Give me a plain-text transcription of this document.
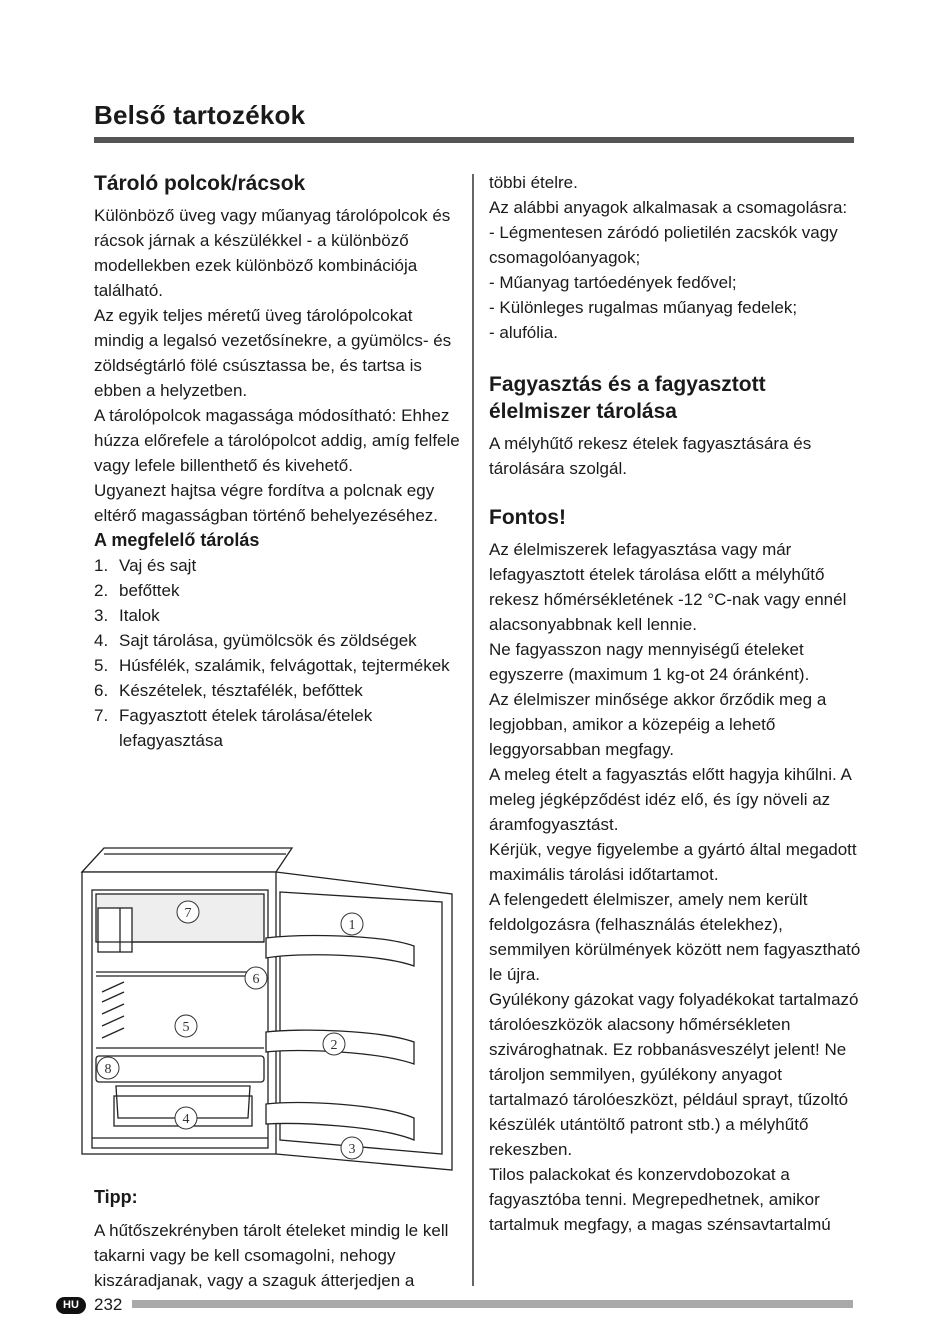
Belső tartozékok
Tároló polcok/rácsok

Különböző üveg vagy műanyag tárolópolcok és rácsok járnak a készülékkel - a különböző modellekben ezek különböző kombinációja található.

Az egyik teljes méretű üveg tárolópolcokat mindig a legalsó vezetősínekre, a gyümölcs- és zöldségtárló fölé csúsztassa be, és tartsa is ebben a helyzetben.

A tárolópolcok magassága módosítható: Ehhez húzza előrefele a tárolópolcot addig, amíg felfele vagy lefele billenthető és kivehető.

Ugyanezt hajtsa végre fordítva a polcnak egy eltérő magasságban történő behelyezéséhez.

A megfelelő tárolás
1. Vaj és sajt
2. befőttek
3. Italok
4. Sajt tárolása, gyümölcsök és zöldségek
5. Húsfélék, szalámik, felvágottak, tejtermékek
6. Készételek, tésztafélék, befőttek
7. Fagyasztott ételek tárolása/ételek lefagyasztása
1
2
3
4
5
6
7
8
Tipp:

A hűtőszekrényben tárolt ételeket mindig le kell takarni vagy be kell csomagolni, nehogy kiszáradjanak, vagy a szaguk átterjedjen a

többi ételre.

Az alábbi anyagok alkalmasak a csomagolásra:

- Légmentesen záródó polietilén zacskók vagy csomagolóanyagok;

- Műanyag tartóedények fedővel;

- Különleges rugalmas műanyag fedelek;

- alufólia.

Fagyasztás és a fagyasztott élelmiszer tárolása

A mélyhűtő rekesz ételek fagyasztására és tárolására szolgál.

Fontos!

Az élelmiszerek lefagyasztása vagy már lefagyasztott ételek tárolása előtt a mélyhűtő rekesz hőmérsékletének -12 °C-nak vagy ennél alacsonyabbnak kell lennie.

Ne fagyasszon nagy mennyiségű ételeket egyszerre (maximum 1 kg-ot 24 óránként).

Az élelmiszer minősége akkor őrződik meg a legjobban, amikor a közepéig a lehető leggyorsabban megfagy.

A meleg ételt a fagyasztás előtt hagyja kihűlni. A meleg jégképződést idéz elő, és így növeli az áramfogyasztást.

Kérjük, vegye figyelembe a gyártó által megadott maximális tárolási időtartamot.

A felengedett élelmiszer, amely nem került feldolgozásra (felhasználás ételekhez), semmilyen körülmények között nem fagyasztható le újra.

Gyúlékony gázokat vagy folyadékokat tartalmazó tárolóeszközök alacsony hőmérsékleten szivároghatnak. Ez robbanásveszélyt jelent! Ne tároljon semmilyen, gyúlékony anyagot tartalmazó tárolóeszközt, például sprayt, tűzoltó készülék utántöltő patront stb.) a mélyhűtő rekeszben.

Tilos palackokat és konzervdobozokat a fagyasztóba tenni. Megrepedhetnek, amikor tartalmuk megfagy, a magas szénsavtartalmú

HU 232
